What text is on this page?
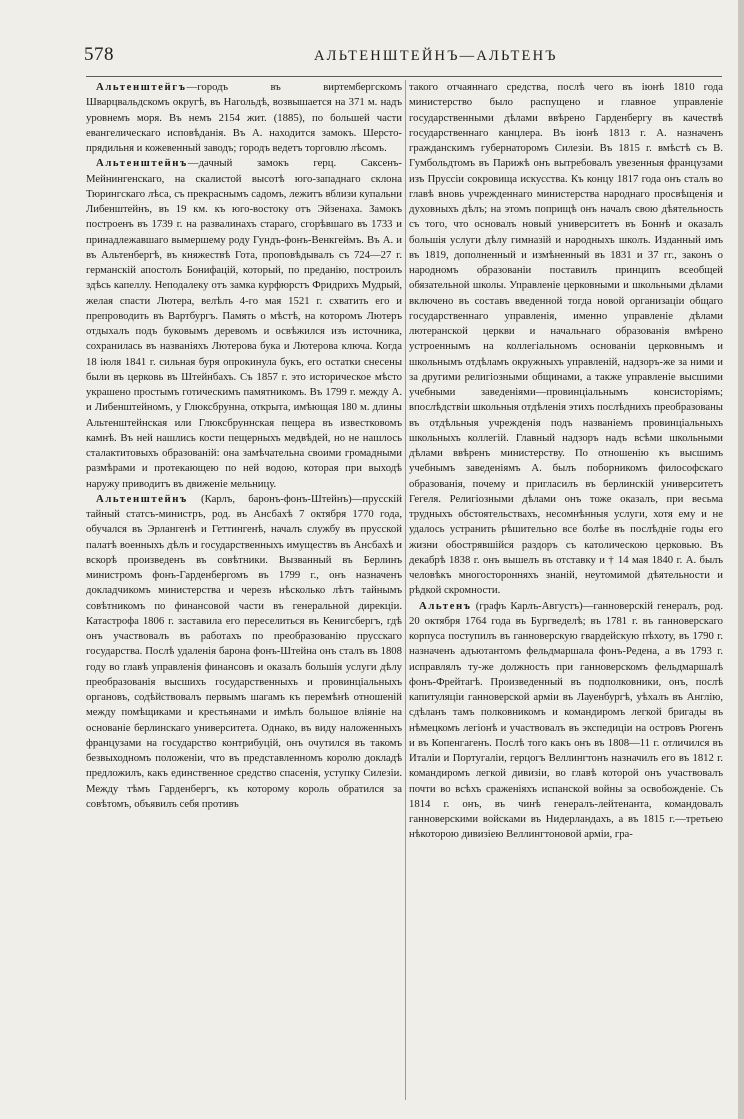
578	АЛЬТЕНШТЕЙНЪ—АЛЬТЕНЪ

Альтенштейгъ—городъ въ виртембергскомъ Шварцвальдскомъ округѣ, въ Нагольдѣ, возвышается на 371 м. надъ уровнемъ моря. Въ немъ 2154 жит. (1885), по большей части евангелическаго исповѣданія. Въ А. находится замокъ. Шерсто-прядильня и кожевенный заводъ; городъ ведетъ торговлю лѣсомъ.

Альтенштейнъ—дачный замокъ герц. Саксенъ-Мейнингенскаго, на скалистой высотѣ юго-западнаго склона Тюрингскаго лѣса, съ прекраснымъ садомъ, лежитъ вблизи купальни Либенштейнъ, въ 19 км. къ юго-востоку отъ Эйзенаха. Замокъ построенъ въ 1739 г. на развалинахъ стараго, сгорѣвшаго въ 1733 и принадлежавшаго вымершему роду Гундъ-фонъ-Венкгеймъ. Въ А. и въ Альтенбергѣ, въ княжествѣ Гота, проповѣдывалъ съ 724—27 г. германскій апостолъ Бонифацій, который, по преданію, построилъ здѣсь капеллу. Неподалеку отъ замка курфюрстъ Фридрихъ Мудрый, желая спасти Лютера, велѣлъ 4-го мая 1521 г. схватить его и препроводить въ Вартбургъ. Память о мѣстѣ, на которомъ Лютеръ отдыхалъ подъ буковымъ деревомъ и освѣжился изъ источника, сохранилась въ названіяхъ Лютерова бука и Лютерова ключа. Когда 18 іюля 1841 г. сильная буря опрокинула букъ, его остатки снесены были въ церковь въ Штейнбахъ. Съ 1857 г. это историческое мѣсто украшено простымъ готическимъ памятникомъ. Въ 1799 г. между А. и Либенштейномъ, у Глюксбрунна, открыта, имѣющая 180 м. длины Альтенштейнская или Глюксбруннская пещера въ известковомъ камнѣ. Въ ней нашлись кости пещерныхъ медвѣдей, но не нашлось сталактитовыхъ образованій: она замѣчательна своими громадными размѣрами и протекающею по ней водою, которая при выходѣ наружу приводитъ въ движеніе мельницу.

Альтенштейнъ (Карлъ, баронъ-фонъ-Штейнъ)—прусскій тайный статсъ-министръ, род. въ Ансбахѣ 7 октября 1770 года, обучался въ Эрлангенѣ и Геттингенѣ, началъ службу въ прусской палатѣ военныхъ дѣлъ и государственныхъ имуществъ въ Ансбахѣ и вскорѣ произведенъ въ совѣтники. Вызванный въ Берлинъ министромъ фонъ-Гарденбергомъ въ 1799 г., онъ назначенъ докладчикомъ министерства и черезъ нѣсколько лѣтъ тайнымъ совѣтникомъ по финансовой части въ генеральной дирекціи. Катастрофа 1806 г. заставила его переселиться въ Кенигсбергъ, гдѣ онъ участвовалъ въ работахъ по преобразованію прусскаго государства. Послѣ удаленія барона фонъ-Штейна онъ сталъ въ 1808 году во главѣ управленія финансовъ и оказалъ большія услуги дѣлу преобразованія высшихъ государственныхъ и провинціальныхъ органовъ, содѣйствовалъ первымъ шагамъ къ перемѣнѣ отношеній между помѣщиками и крестьянами и имѣлъ большое вліяніе на основаніе берлинскаго университета. Однако, въ виду наложенныхъ французами на государство контрибуцій, онъ очутился въ такомъ безвыходномъ положеніи, что въ представленномъ королю докладѣ предложилъ, какъ единственное средство спасенія, уступку Силезіи. Между тѣмъ Гарденбергъ, къ которому король обратился за совѣтомъ, объявилъ себя противъ

такого отчаяннаго средства, послѣ чего въ іюнѣ 1810 года министерство было распущено и главное управленіе государственными дѣлами ввѣрено Гарденбергу въ качествѣ государственнаго канцлера. Въ іюнѣ 1813 г. А. назначенъ гражданскимъ губернаторомъ Силезіи. Въ 1815 г. вмѣстѣ съ В. Гумбольдтомъ въ Парижѣ онъ вытребовалъ увезенныя французами изъ Пруссіи сокровища искусства. Къ концу 1817 года онъ сталъ во главѣ вновь учрежденнаго министерства народнаго просвѣщенія и духовныхъ дѣлъ; на этомъ поприщѣ онъ началъ свою дѣятельность съ того, что основалъ новый университетъ въ Боннѣ и оказалъ большія услуги дѣлу гимназій и народныхъ школъ. Изданный имъ въ 1819, дополненный и измѣненный въ 1831 и 37 гг., законъ о народномъ образованіи поставилъ принципъ всеобщей обязательной школы. Управленіе церковными и школьными дѣлами включено въ составъ введенной тогда новой организаціи общаго государственнаго управленія, именно управленіе дѣлами лютеранской церкви и начальнаго образованія вмѣрено устроеннымъ на коллегіальномъ основаніи церковнымъ и школьнымъ отдѣламъ окружныхъ управленій, надзоръ-же за ними и за другими религіозными общинами, а также управленіе высшими учебными заведеніями—провинціальнымъ консисторіямъ; впослѣдствіи школьныя отдѣленія этихъ послѣднихъ преобразованы въ отдѣльныя учрежденія подъ названіемъ провинціальныхъ школьныхъ коллегій. Главный надзоръ надъ всѣми школьными дѣлами ввѣренъ министерству. По отношенію къ высшимъ учебнымъ заведеніямъ А. былъ поборникомъ философскаго образованія, почему и пригласилъ въ берлинскій университетъ Гегеля. Религіозными дѣлами онъ тоже оказалъ, при весьма трудныхъ обстоятельствахъ, несомнѣнныя услуги, хотя ему и не удалось устранить рѣшительно все болѣе въ послѣдніе годы его жизни обострявшійся раздоръ съ католическою церковью. Въ декабрѣ 1838 г. онъ вышелъ въ отставку и † 14 мая 1840 г. А. былъ человѣкъ многосторонняхъ знаній, неутомимой дѣятельности и рѣдкой скромности.

Альтенъ (графъ Карлъ-Августъ)—ганноверскій генералъ, род. 20 октября 1764 года въ Бургведелѣ; въ 1781 г. въ ганноверскаго корпуса поступилъ въ ганноверскую гвардейскую пѣхоту, въ 1790 г. назначенъ адъютантомъ фельдмаршала фонъ-Редена, а въ 1793 г. исправлялъ ту-же должность при ганноверскомъ фельдмаршалѣ фонъ-Фрейтагѣ. Произведенный въ подполковники, онъ, послѣ капитуляціи ганноверской арміи въ Лауенбургѣ, уѣхалъ въ Англію, сдѣланъ тамъ полковникомъ и командиромъ легкой бригады въ нѣмецкомъ легіонѣ и участвовалъ въ экспедиціи на островъ Рюгенъ и въ Копенгагенъ. Послѣ того какъ онъ въ 1808—11 г. отличился въ Италіи и Португаліи, герцогъ Веллингтонъ назначилъ его въ 1812 г. командиромъ легкой дивизіи, во главѣ которой онъ участвовалъ почти во всѣхъ сраженіяхъ испанской войны за освобожденіе. Съ 1814 г. онъ, въ чинѣ генералъ-лейтенанта, командовалъ ганноверскими войсками въ Нидерландахъ, а въ 1815 г.—третьею нѣкоторою дивизіею Веллингтоновой арміи, гра-
